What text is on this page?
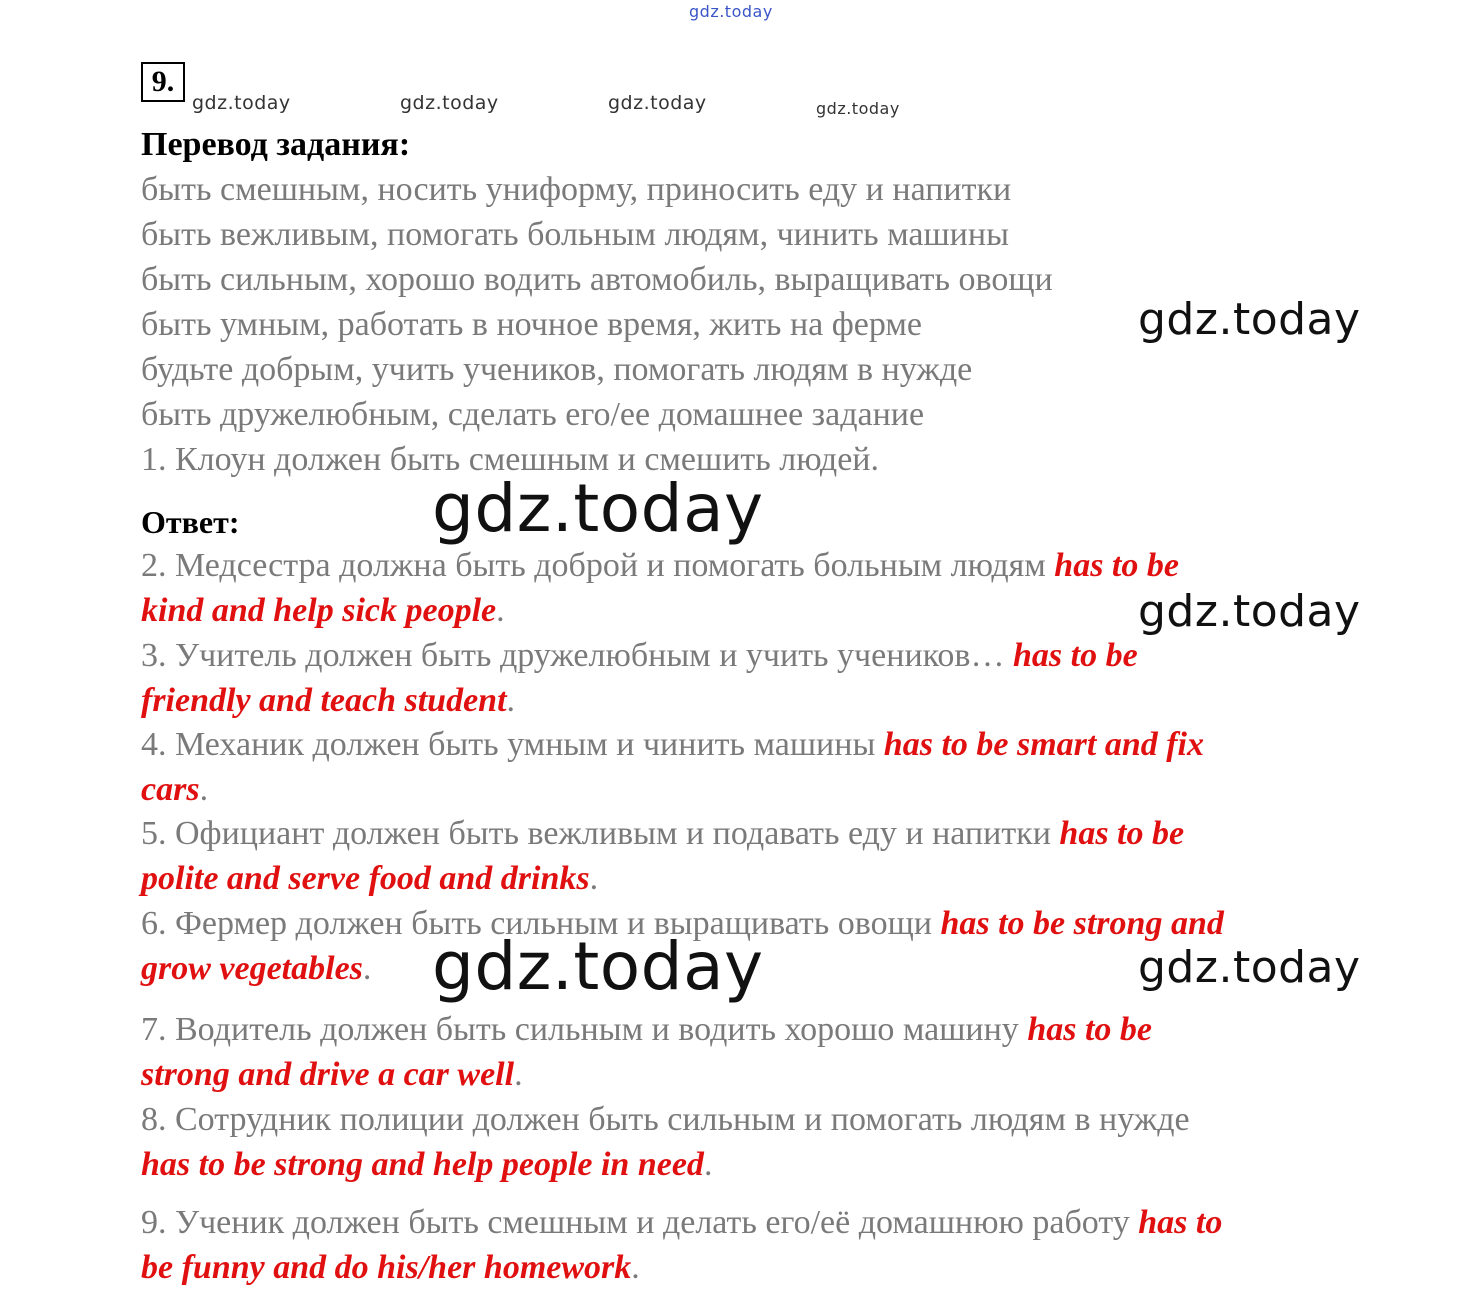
gdz.today
9.
gdz.today	gdz.today	gdz.today	gdz.today
Перевод задания:
быть смешным, носить униформу, приносить еду и напитки
быть вежливым, помогать больным людям, чинить машины
быть сильным, хорошо водить автомобиль, выращивать овощи
быть умным, работать в ночное время, жить на ферме
будьте добрым, учить учеников, помогать людям в нужде
быть дружелюбным, сделать его/ее домашнее задание
1. Клоун должен быть смешным и смешить людей.
Ответ:	gdz.today
gdz.today
gdz.today
gdz.today
gdz.today
2. Медсестра должна быть доброй и помогать больным людям has to be
kind and help sick people.
3. Учитель должен быть дружелюбным и учить учеников… has to be
friendly and teach student.
4. Механик должен быть умным и чинить машины has to be smart and fix
cars.
5. Официант должен быть вежливым и подавать еду и напитки has to be
polite and serve food and drinks.
6. Фермер должен быть сильным и выращивать овощи has to be strong and
grow vegetables.
7. Водитель должен быть сильным и водить хорошо машину has to be
strong and drive a car well.
8. Сотрудник полиции должен быть сильным и помогать людям в нужде
has to be strong and help people in need.
9. Ученик должен быть смешным и делать его/её домашнюю работу has to
be funny and do his/her homework.
